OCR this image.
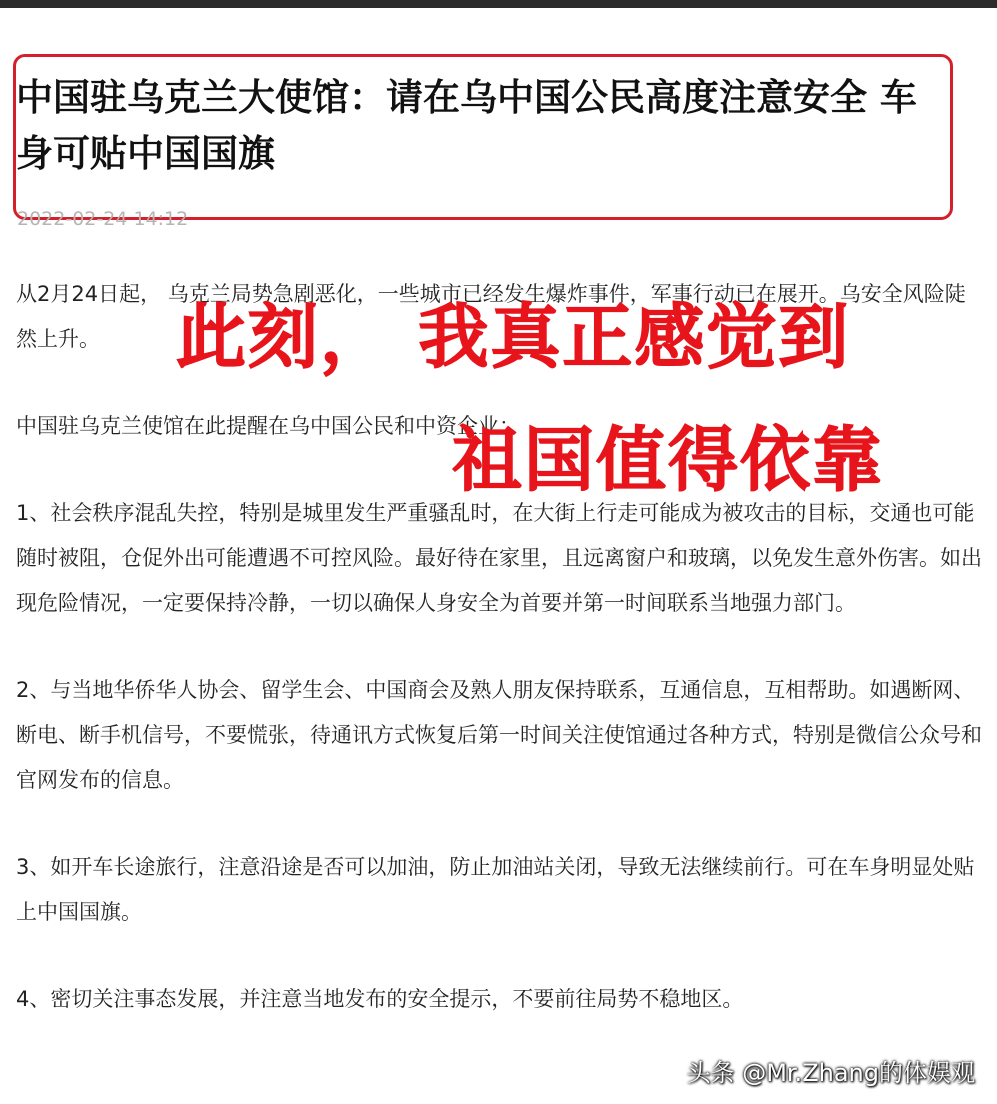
中国驻乌克兰大使馆：请在乌中国公民高度注意安全 车身可贴中国国旗
2022-02-24 14:12

从2月24日起， 乌克兰局势急剧恶化，一些城市已经发生爆炸事件，军事行动已在展开。乌安全风险陡然上升。

中国驻乌克兰使馆在此提醒在乌中国公民和中资企业：

1、社会秩序混乱失控，特别是城里发生严重骚乱时，在大街上行走可能成为被攻击的目标，交通也可能随时被阻，仓促外出可能遭遇不可控风险。最好待在家里，且远离窗户和玻璃，以免发生意外伤害。如出现危险情况，一定要保持冷静，一切以确保人身安全为首要并第一时间联系当地强力部门。

2、与当地华侨华人协会、留学生会、中国商会及熟人朋友保持联系，互通信息，互相帮助。如遇断网、断电、断手机信号，不要慌张，待通讯方式恢复后第一时间关注使馆通过各种方式，特别是微信公众号和官网发布的信息。

3、如开车长途旅行，注意沿途是否可以加油，防止加油站关闭，导致无法继续前行。可在车身明显处贴上中国国旗。

4、密切关注事态发展，并注意当地发布的安全提示，不要前往局势不稳地区。

此刻， 我真正感觉到
祖国值得依靠
头条 @Mr.Zhang的体娱观
